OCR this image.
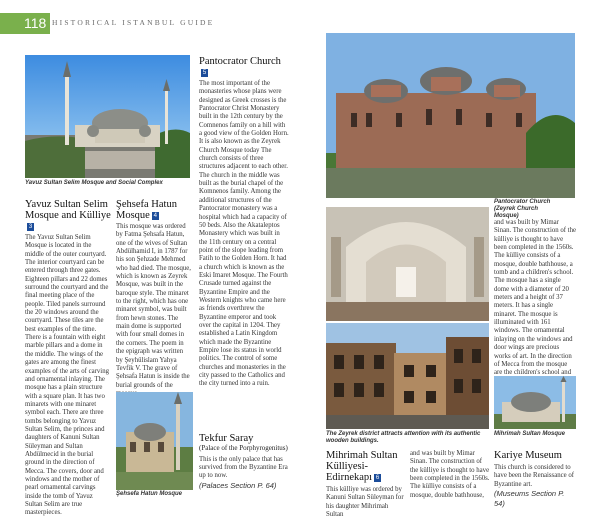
118 HISTORICAL ISTANBUL GUIDE
Yavuz Sultan Selim Mosque and Social Complex
Yavuz Sultan Selim Mosque and Külliye3
The Yavuz Sultan Selim Mosque is located in the middle of the outer courtyard. The interior courtyard can be entered through three gates. Eighteen pillars and 22 domes surround the courtyard and the final meeting place of the people. Tiled panels surround the 20 windows around the courtyard. These tiles are the best examples of the time. There is a fountain with eight marble pillars and a dome in the middle. The wings of the gates are among the finest examples of the arts of carving and ornamental inlaying. The mosque has a plain structure with a square plan. It has two minarets with one minaret symbol each. There are three tombs belonging to Yavuz Sultan Selim, the princes and daughters of Kanuni Sultan Süleyman and Sultan Abdülmecid in the burial ground in the direction of Mecca. The covers, door and windows and the mother of pearl ornamental carvings inside the tomb of Yavuz Sultan Selim are true masterpieces.
Şehsefa Hatun Mosque 4
This mosque was ordered by Fatma Şehsafa Hatun, one of the wives of Sultan Abdülhamid I, in 1787 for his son Şehzade Mehmed who had died. The mosque, which is known as Zeyrek Mosque, was built in the baroque style. The minaret to the right, which has one minaret symbol, was built from hewn stones. The main dome is supported with four small domes in the corners. The poem in the epigraph was written by Şeyhülislam Yahya Tevfik V. The grave of Şehsafa Hatun is inside the burial grounds of the
Şehsefa Hatun Mosque
Pantocrator Church5
The most important of the monasteries whose plans were designed as Greek crosses is the Pantocrator Christ Monastery built in the 12th century by the Comnenos family on a hill with a good view of the Golden Horn. It is also known as the Zeyrek Church Mosque today The church consists of three structures adjacent to each other. The church in the middle was built as the burial chapel of the Komnenos family. Among the additional structures of the Pantocrator monastery was a hospital which had a capacity of 50 beds. Also the Akataleptos Monastery which was built in the 11th century on a central point of the slope leading from Fatih to the Golden Horn. It had a church which is known as the Eski Imaret Mosque. The Fourth Crusade turned against the Byzantine Empire and the Western knights who came here as friends overthrew the Byzantine emperor and took over the capital in 1204. They established a Latin Kingdom which made the Byzantine Empire lose its status in world politics. The control of some churches and monasteries in the city passed to the Catholics and the city turned into a ruin.
Tekfur Saray
(Palace of the Porphyrogenitus)
This is the only palace that has survived from the Byzantine Era up to now.
(Palaces Section P. 64)
Pantocrator Church (Zeyrek Church Mosque)
The Zeyrek district attracts attention with its authentic wooden buildings.
and was built by Mimar Sinan. The construction of the külliye is thought to have been completed in the 1560s. The külliye consists of a mosque, double bathhouse, a tomb and a children's school. The mosque has a single dome with a diameter of 20 meters and a height of 37 meters. It has a single minaret. The mosque is illuminated with 161 windows. The ornamental inlaying on the windows and door wings are precious works of art. In the direction of Mecca from the mosque are the children's school and
Mihrimah Sultan Mosque
Mihrimah Sultan Külliyesi-Edirnekapı 6
This külliye was ordered by Kanuni Sultan Süleyman for his daughter Mihrimah Sultan
and was built by Mimar Sinan. The construction of the külliye is thought to have been completed in the 1560s. The külliye consists of a mosque, double bathhouse,
Kariye Museum
This church is considered to have been the Renaissance of Byzantine art.
(Museums Section P. 54)
